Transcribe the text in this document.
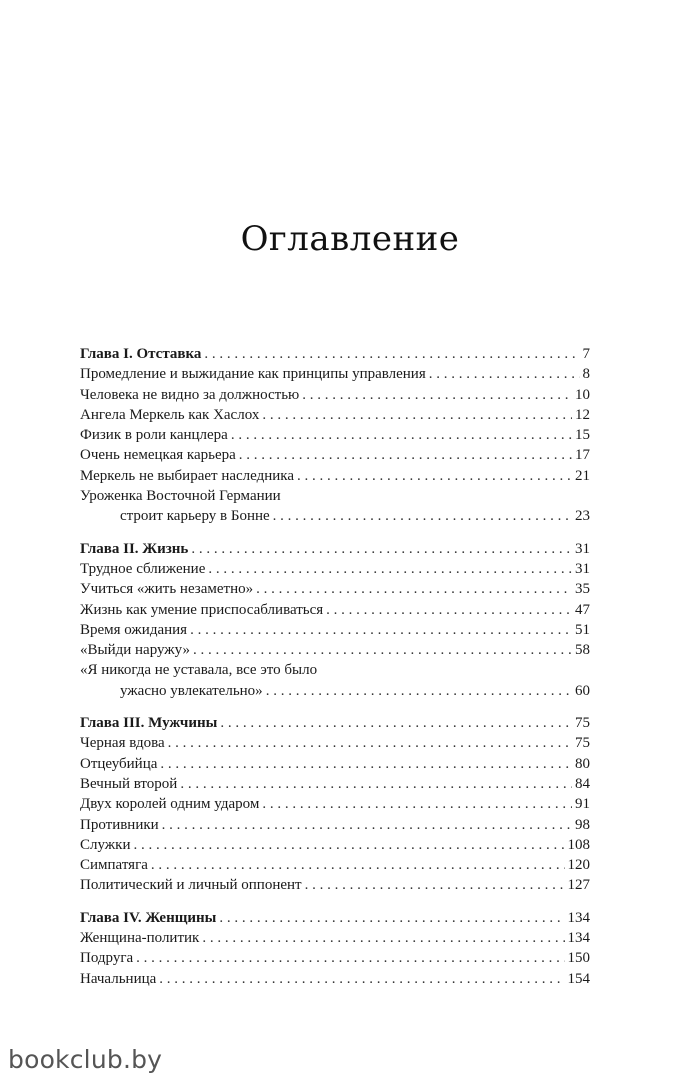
Оглавление
Глава I. Отставка . . .	7
Промедление и выжидание как принципы управления . . .	8
Человека не видно за должностью . . .	10
Ангела Меркель как Хаслох . . .	12
Физик в роли канцлера . . .	15
Очень немецкая карьера . . .	17
Меркель не выбирает наследника . . .	21
Уроженка Восточной Германии
строит карьеру в Бонне . . .	23
Глава II. Жизнь . . .	31
Трудное сближение . . .	31
Учиться «жить незаметно» . . .	35
Жизнь как умение приспосабливаться . . .	47
Время ожидания . . .	51
«Выйди наружу» . . .	58
«Я никогда не уставала, все это было
ужасно увлекательно» . . .	60
Глава III. Мужчины . . .	75
Черная вдова . . .	75
Отцеубийца . . .	80
Вечный второй . . .	84
Двух королей одним ударом . . .	91
Противники . . .	98
Служки . . .	108
Симпатяга . . .	120
Политический и личный оппонент . . .	127
Глава IV. Женщины . . .	134
Женщина-политик . . .	134
Подруга . . .	150
Начальница . . .	154
bookclub.by
